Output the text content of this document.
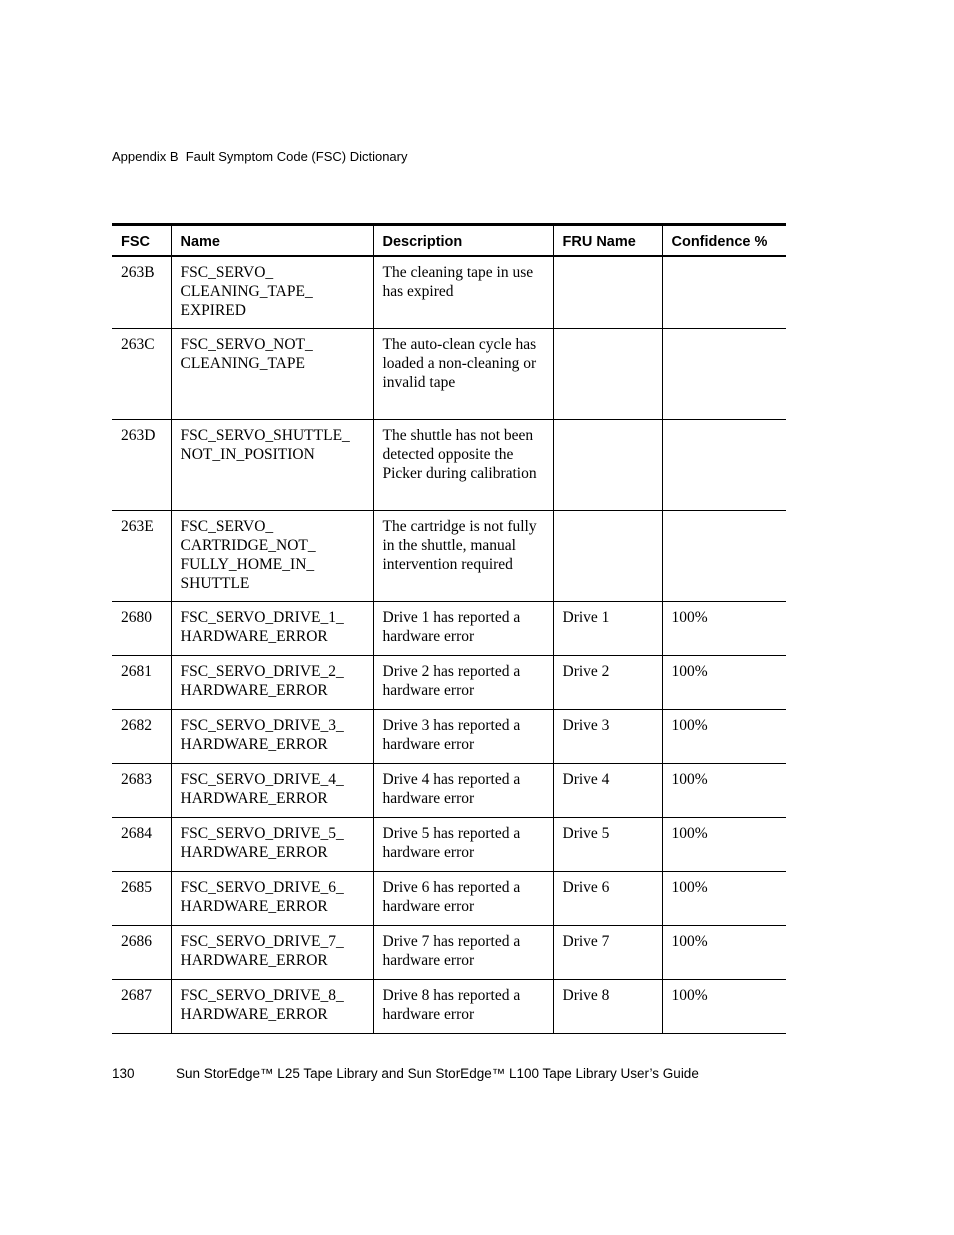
Appendix B  Fault Symptom Code (FSC) Dictionary
FSC	Name	Description	FRU Name	Confidence %
263B	FSC_SERVO_
CLEANING_TAPE_
EXPIRED	The cleaning tape in use has expired		
263C	FSC_SERVO_NOT_
CLEANING_TAPE	The auto-clean cycle has loaded a non-cleaning or invalid tape		
263D	FSC_SERVO_SHUTTLE_
NOT_IN_POSITION	The shuttle has not been detected opposite the Picker during calibration		
263E	FSC_SERVO_
CARTRIDGE_NOT_
FULLY_HOME_IN_
SHUTTLE	The cartridge is not fully in the shuttle, manual intervention required		
2680	FSC_SERVO_DRIVE_1_
HARDWARE_ERROR	Drive 1 has reported a hardware error	Drive 1	100%
2681	FSC_SERVO_DRIVE_2_
HARDWARE_ERROR	Drive 2 has reported a hardware error	Drive 2	100%
2682	FSC_SERVO_DRIVE_3_
HARDWARE_ERROR	Drive 3 has reported a hardware error	Drive 3	100%
2683	FSC_SERVO_DRIVE_4_
HARDWARE_ERROR	Drive 4 has reported a hardware error	Drive 4	100%
2684	FSC_SERVO_DRIVE_5_
HARDWARE_ERROR	Drive 5 has reported a hardware error	Drive 5	100%
2685	FSC_SERVO_DRIVE_6_
HARDWARE_ERROR	Drive 6 has reported a hardware error	Drive 6	100%
2686	FSC_SERVO_DRIVE_7_
HARDWARE_ERROR	Drive 7 has reported a hardware error	Drive 7	100%
2687	FSC_SERVO_DRIVE_8_
HARDWARE_ERROR	Drive 8 has reported a hardware error	Drive 8	100%
130	Sun StorEdge™ L25 Tape Library and Sun StorEdge™ L100 Tape Library User’s Guide
